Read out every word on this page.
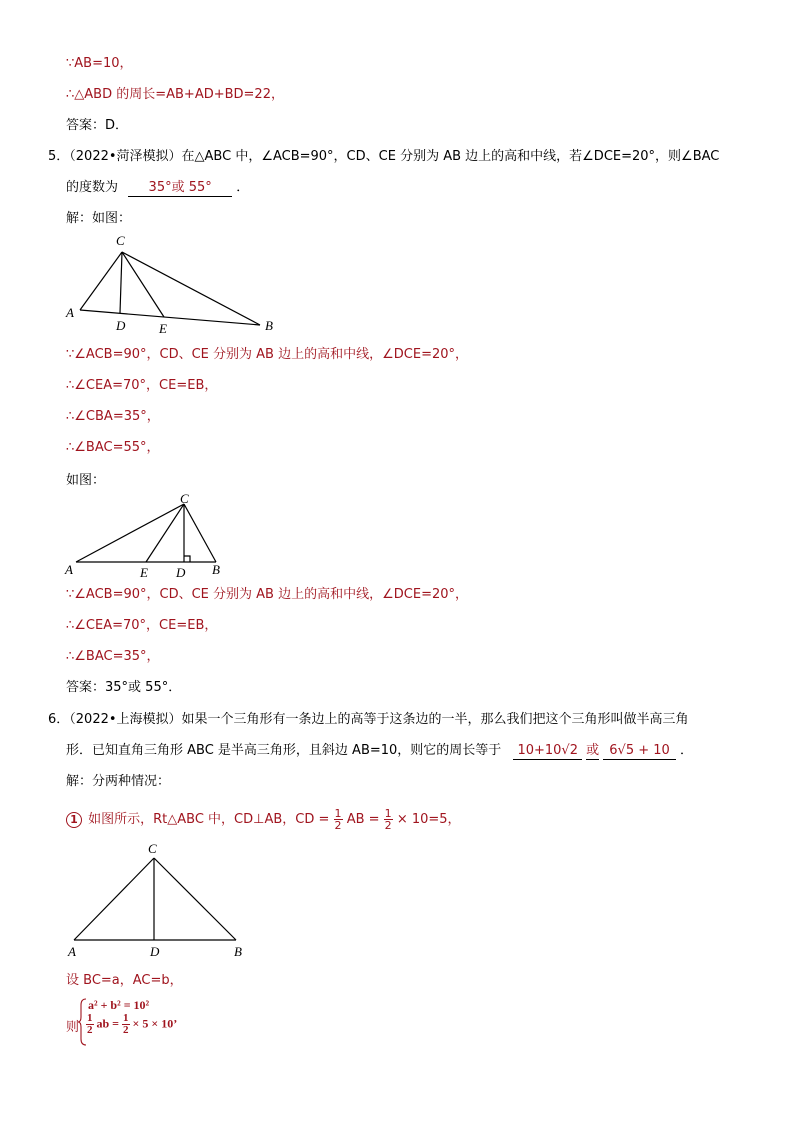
∵AB=10，
∴△ABD 的周长=AB+AD+BD=22，
答案：D．
5．（2022•菏泽模拟）在△ABC 中，∠ACB=90°，CD、CE 分别为 AB 边上的高和中线，若∠DCE=20°，则∠BAC
的度数为 35°或 55° ．
解：如图：
C
A
D	E	B
∵∠ACB=90°，CD、CE 分别为 AB 边上的高和中线，∠DCE=20°，
∴∠CEA=70°，CE=EB，
∴∠CBA=35°，
∴∠BAC=55°，
如图：
C
A	E D B
∵∠ACB=90°，CD、CE 分别为 AB 边上的高和中线，∠DCE=20°，
∴∠CEA=70°，CE=EB，
∴∠BAC=35°，
答案：35°或 55°．
6．（2022•上海模拟）如果一个三角形有一条边上的高等于这条边的一半，那么我们把这个三角形叫做半高三角
形．已知直角三角形 ABC 是半高三角形，且斜边 AB=10，则它的周长等于 10+10√2 或 6√5 + 10 ．
解：分两种情况：
1 如图所示，Rt△ABC 中，CD⊥AB，CD = $\frac{1}{2}$ AB = $\frac{1}{2} \times 10=5$，
C
A	D	B
设 BC=a，AC=b，
则
a² + b² = 10²
$\frac{1}{2}$ ab = $\frac{1}{2} \times 5 \times 10$’
